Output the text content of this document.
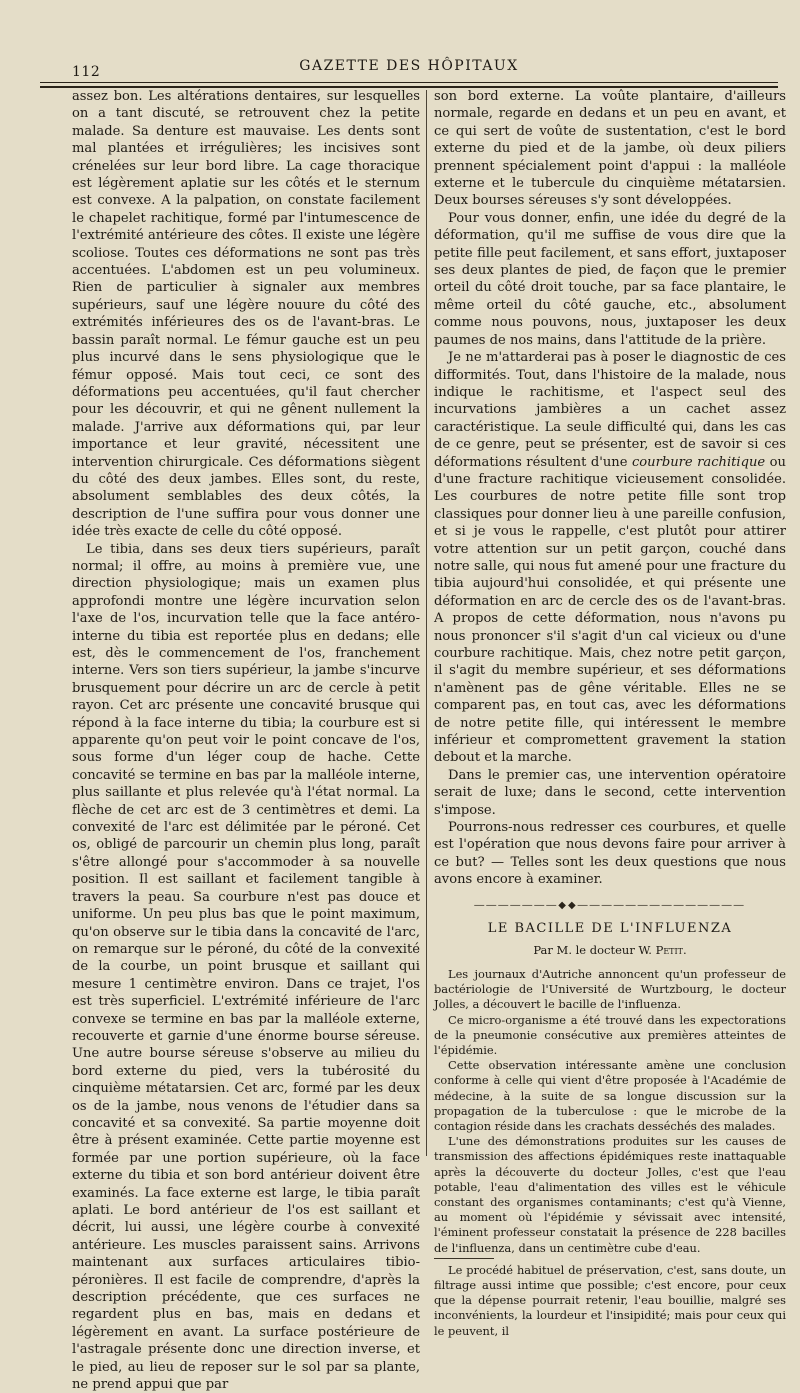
112	GAZETTE DES HÔPITAUX

assez bon. Les altérations dentaires, sur lesquelles on a tant discuté, se retrouvent chez la petite malade. Sa denture est mauvaise. Les dents sont mal plantées et irrégulières; les incisives sont crénelées sur leur bord libre. La cage thoracique est légèrement aplatie sur les côtés et le sternum est convexe. A la palpation, on constate facilement le chapelet rachitique, formé par l'intumescence de l'extrémité antérieure des côtes. Il existe une légère scoliose. Toutes ces déformations ne sont pas très accentuées. L'abdomen est un peu volumineux. Rien de particulier à signaler aux membres supérieurs, sauf une légère nouure du côté des extrémités inférieures des os de l'avant-bras. Le bassin paraît normal. Le fémur gauche est un peu plus incurvé dans le sens physiologique que le fémur opposé. Mais tout ceci, ce sont des déformations peu accentuées, qu'il faut chercher pour les découvrir, et qui ne gênent nullement la malade. J'arrive aux déformations qui, par leur importance et leur gravité, nécessitent une intervention chirurgicale. Ces déformations siègent du côté des deux jambes. Elles sont, du reste, absolument semblables des deux côtés, la description de l'une suffira pour vous donner une idée très exacte de celle du côté opposé.

Le tibia, dans ses deux tiers supérieurs, paraît normal; il offre, au moins à première vue, une direction physiologique; mais un examen plus approfondi montre une légère incurvation selon l'axe de l'os, incurvation telle que la face antéro-interne du tibia est reportée plus en dedans; elle est, dès le commencement de l'os, franchement interne. Vers son tiers supérieur, la jambe s'incurve brusquement pour décrire un arc de cercle à petit rayon. Cet arc présente une concavité brusque qui répond à la face interne du tibia; la courbure est si apparente qu'on peut voir le point concave de l'os, sous forme d'un léger coup de hache. Cette concavité se termine en bas par la malléole interne, plus saillante et plus relevée qu'à l'état normal. La flèche de cet arc est de 3 centimètres et demi. La convexité de l'arc est délimitée par le péroné. Cet os, obligé de parcourir un chemin plus long, paraît s'être allongé pour s'accommoder à sa nouvelle position. Il est saillant et facilement tangible à travers la peau. Sa courbure n'est pas douce et uniforme. Un peu plus bas que le point maximum, qu'on observe sur le tibia dans la concavité de l'arc, on remarque sur le péroné, du côté de la convexité de la courbe, un point brusque et saillant qui mesure 1 centimètre environ. Dans ce trajet, l'os est très superficiel. L'extrémité inférieure de l'arc convexe se termine en bas par la malléole externe, recouverte et garnie d'une énorme bourse séreuse. Une autre bourse séreuse s'observe au milieu du bord externe du pied, vers la tubérosité du cinquième métatarsien. Cet arc, formé par les deux os de la jambe, nous venons de l'étudier dans sa concavité et sa convexité. Sa partie moyenne doit être à présent examinée. Cette partie moyenne est formée par une portion supérieure, où la face externe du tibia et son bord antérieur doivent être examinés. La face externe est large, le tibia paraît aplati. Le bord antérieur de l'os est saillant et décrit, lui aussi, une légère courbe à convexité antérieure. Les muscles paraissent sains. Arrivons maintenant aux surfaces articulaires tibio-péronières. Il est facile de comprendre, d'après la description précédente, que ces surfaces ne regardent plus en bas, mais en dedans et légèrement en avant. La surface postérieure de l'astragale présente donc une direction inverse, et le pied, au lieu de reposer sur le sol par sa plante, ne prend appui que par

son bord externe. La voûte plantaire, d'ailleurs normale, regarde en dedans et un peu en avant, et ce qui sert de voûte de sustentation, c'est le bord externe du pied et de la jambe, où deux piliers prennent spécialement point d'appui : la malléole externe et le tubercule du cinquième métatarsien. Deux bourses séreuses s'y sont développées.

Pour vous donner, enfin, une idée du degré de la déformation, qu'il me suffise de vous dire que la petite fille peut facilement, et sans effort, juxtaposer ses deux plantes de pied, de façon que le premier orteil du côté droit touche, par sa face plantaire, le même orteil du côté gauche, etc., absolument comme nous pouvons, nous, juxtaposer les deux paumes de nos mains, dans l'attitude de la prière.

Je ne m'attarderai pas à poser le diagnostic de ces difformités. Tout, dans l'histoire de la malade, nous indique le rachitisme, et l'aspect seul des incurvations jambières a un cachet assez caractéristique. La seule difficulté qui, dans les cas de ce genre, peut se présenter, est de savoir si ces déformations résultent d'une courbure rachitique ou d'une fracture rachitique vicieusement consolidée. Les courbures de notre petite fille sont trop classiques pour donner lieu à une pareille confusion, et si je vous le rappelle, c'est plutôt pour attirer votre attention sur un petit garçon, couché dans notre salle, qui nous fut amené pour une fracture du tibia aujourd'hui consolidée, et qui présente une déformation en arc de cercle des os de l'avant-bras. A propos de cette déformation, nous n'avons pu nous prononcer s'il s'agit d'un cal vicieux ou d'une courbure rachitique. Mais, chez notre petit garçon, il s'agit du membre supérieur, et ses déformations n'amènent pas de gêne véritable. Elles ne se comparent pas, en tout cas, avec les déformations de notre petite fille, qui intéressent le membre inférieur et compromettent gravement la station debout et la marche.

Dans le premier cas, une intervention opératoire serait de luxe; dans le second, cette intervention s'impose.

Pourrons-nous redresser ces courbures, et quelle est l'opération que nous devons faire pour arriver à ce but? — Telles sont les deux questions que nous avons encore à examiner.

―――――――◆◆――――――――――――――
LE BACILLE DE L'INFLUENZA
Par M. le docteur W. Petit.

Les journaux d'Autriche annoncent qu'un professeur de bactériologie de l'Université de Wurtzbourg, le docteur Jolles, a découvert le bacille de l'influenza.

Ce micro-organisme a été trouvé dans les expectorations de la pneumonie consécutive aux premières atteintes de l'épidémie.

Cette observation intéressante amène une conclusion conforme à celle qui vient d'être proposée à l'Académie de médecine, à la suite de sa longue discussion sur la propagation de la tuberculose : que le microbe de la contagion réside dans les crachats desséchés des malades.

L'une des démonstrations produites sur les causes de transmission des affections épidémiques reste inattaquable après la découverte du docteur Jolles, c'est que l'eau potable, l'eau d'alimentation des villes est le véhicule constant des organismes contaminants; c'est qu'à Vienne, au moment où l'épidémie y sévissait avec intensité, l'éminent professeur constatait la présence de 228 bacilles de l'influenza, dans un centimètre cube d'eau.

Le procédé habituel de préservation, c'est, sans doute, un filtrage aussi intime que possible; c'est encore, pour ceux que la dépense pourrait retenir, l'eau bouillie, malgré ses inconvénients, la lourdeur et l'insipidité; mais pour ceux qui le peuvent, il
